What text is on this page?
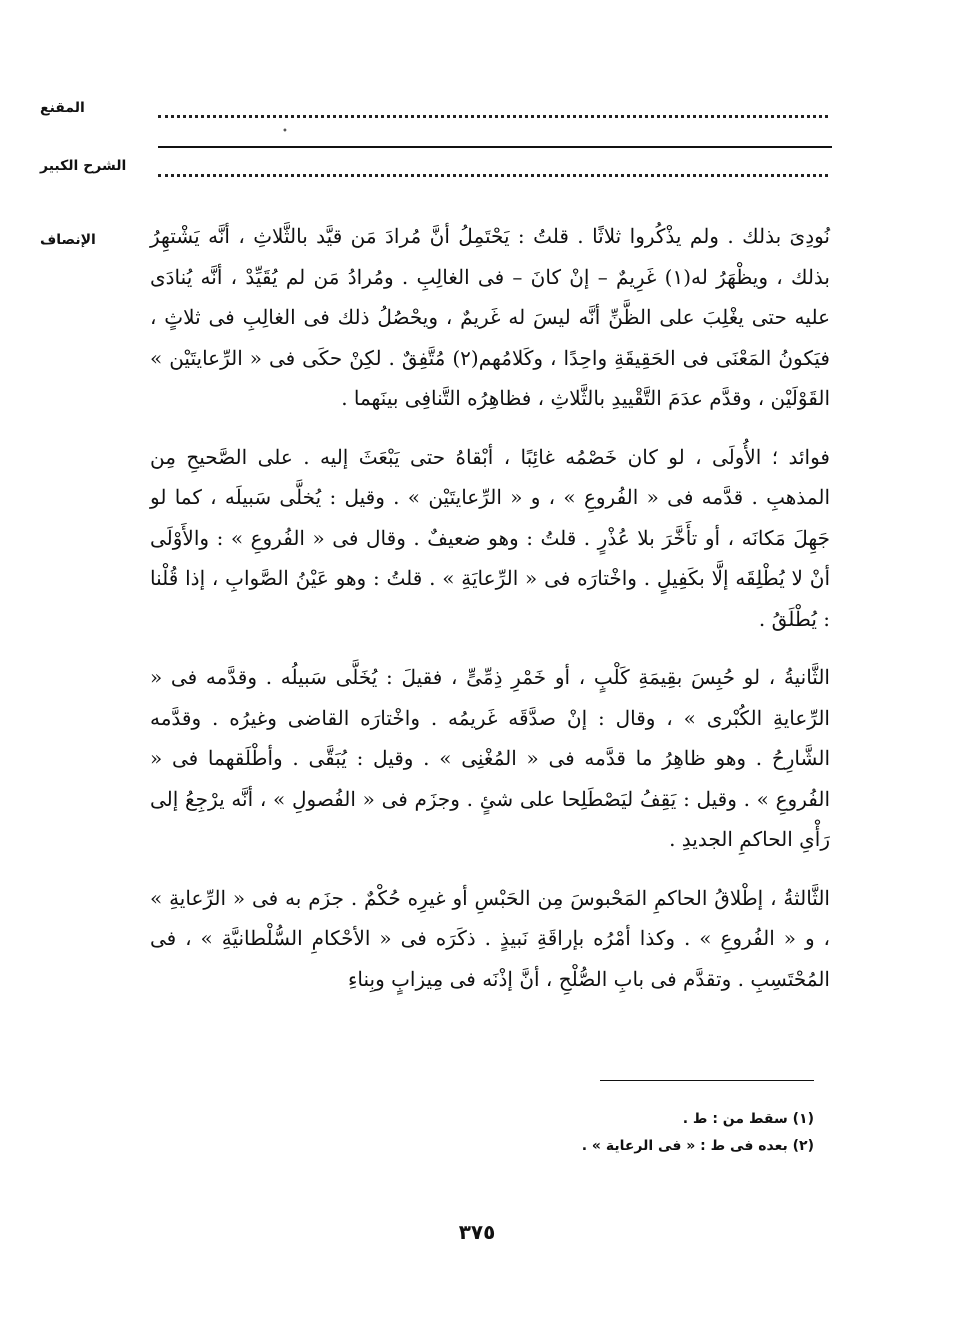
المقنع
الشرح الكبير
•
الإنصاف	نُودِىَ بذلك . ولم يذْكُروا ثلاثًا . قلتُ : يَحْتَمِلُ أنَّ مُرادَ مَن قيَّد بالثَّلاثِ ، أنَّه يَشْتهِرُ بذلك ، ويظْهَرُ له(١) غَرِيمٌ – إنْ كانَ – فى الغالِبِ . ومُرادُ مَن لم يُقَيِّدْ ، أنَّه يُنادَى عليه حتى يغْلِبَ على الظَّنِّ أنَّه ليسَ له غَريمٌ ، ويحْصُلُ ذلك فى الغالِبِ فى ثلاثٍ ، فيَكونُ المَعْنَى فى الحَقِيقَةِ واحِدًا ، وكَلامُهم(٢) مُتَّفِقٌ . لكِنْ حكَى فى « الرِّعايتَيْن » القَوْلَيْن ، وقدَّم عدَمَ التَّقْييدِ بالثَّلاثِ ، فظاهِرُه التَّنافِى بينَهما .

فوائد ؛ الأُولَى ، لو كان خَصْمُه غائِبًا ، أبْقاهُ حتى يَبْعَثَ إليه . على الصَّحيحِ مِن المذهبِ . قدَّمه فى « الفُروعِ » ، و « الرِّعايتَيْن » . وقيل : يُخلَّى سَبيلَه ، كما لو جَهِلَ مَكانَه ، أو تأَخَّرَ بلا عُذْرٍ . قلتُ : وهو ضعيفٌ . وقال فى « الفُروعِ » : والأَوْلَى أنْ لا يُطْلِقَه إلَّا بكَفِيلٍ . واخْتارَه فى « الرِّعايَةِ » . قلتُ : وهو عَيْنُ الصَّوابِ ، إذا قُلْنا : يُطْلَقُ .

الثَّانيةُ ، لو حُبِسَ بقِيمَةِ كَلْبٍ ، أو خَمْرِ ذِمِّىٍّ ، فقيلَ : يُخَلَّى سَبيلُه . وقدَّمه فى « الرِّعايةِ الكُبْرى » ، وقال : إنْ صدَّقَه غَريمُه . واخْتارَه القاضى وغيرُه . وقدَّمه الشَّارِحُ . وهو ظاهِرُ ما قدَّمه فى « المُغْنِى » . وقيل : يُبَقَّى . وأطْلَقهما فى « الفُروعِ » . وقيل : يَقِفُ ليَصْطَلِحا على شئٍ . وجزَم فى « الفُصولِ » ، أنَّه يرْجِعُ إلى رَأْىِ الحاكمِ الجديدِ .

الثَّالثةُ ، إطْلاقُ الحاكمِ المَحْبوسَ مِن الحَبْسِ أو غيرِه حُكْمٌ . جزَم به فى « الرِّعايةِ » ، و « الفُروعِ » . وكذا أمْرُه بإراقَةِ نَبيذٍ . ذكَرَه فى « الأحْكامِ السُّلْطانيَّةِ » ، فى المُحْتَسِبِ . وتقدَّم فى بابِ الصُّلْحِ ، أنَّ إذْنَه فى مِيزابٍ وبِناءِ

(١) سقط من : ط .
(٢) بعده فى ط : « فى الرعاية » .
٣٧٥
